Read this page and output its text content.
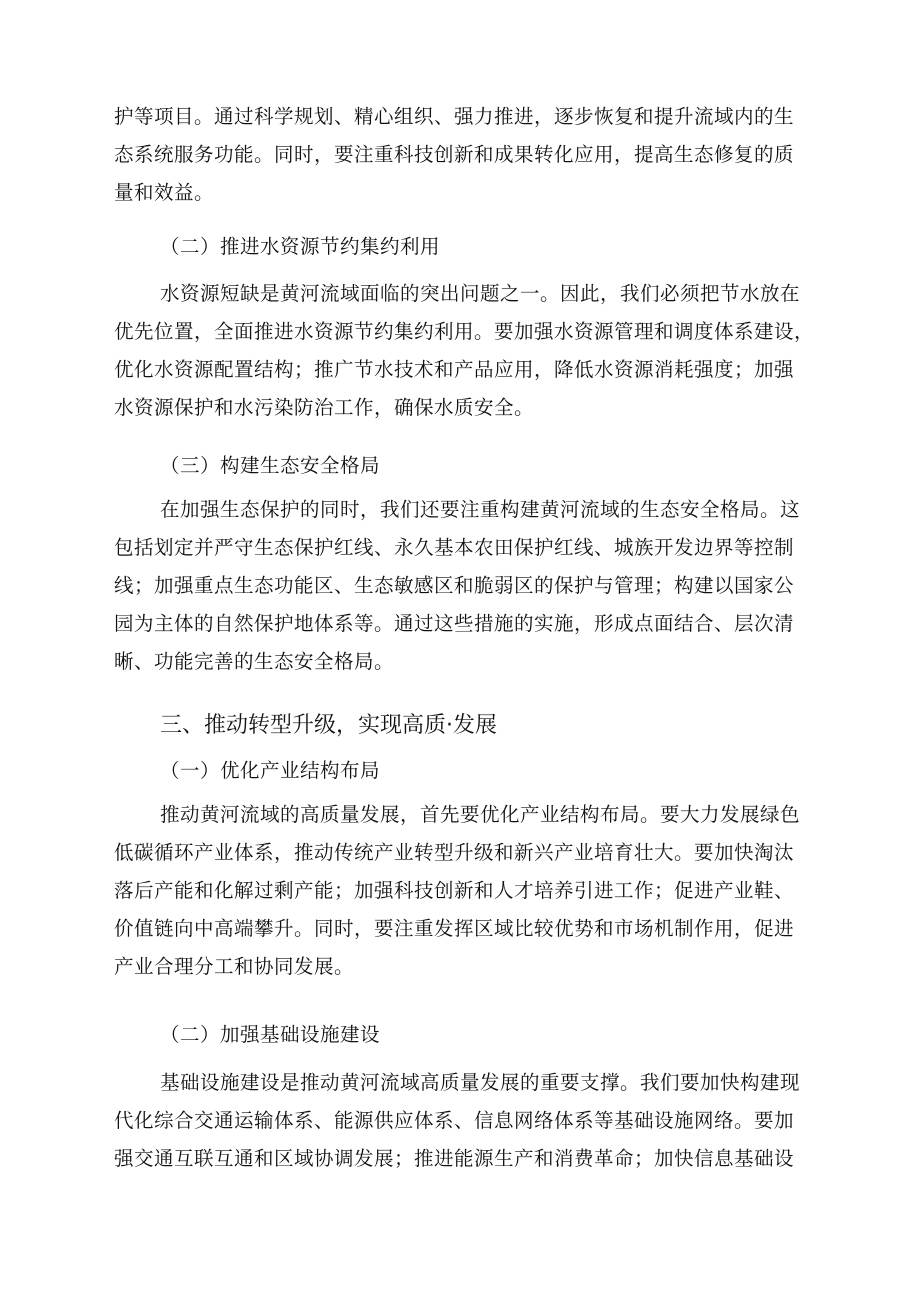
护等项目。通过科学规划、精心组织、强力推进，逐步恢复和提升流域内的生
态系统服务功能。同时，要注重科技创新和成果转化应用，提高生态修复的质
量和效益。

（二）推进水资源节约集约利用

水资源短缺是黄河流域面临的突出问题之一。因此，我们必须把节水放在
优先位置，全面推进水资源节约集约利用。要加强水资源管理和调度体系建设，
优化水资源配置结构；推广节水技术和产品应用，降低水资源消耗强度；加强
水资源保护和水污染防治工作，确保水质安全。

（三）构建生态安全格局

在加强生态保护的同时，我们还要注重构建黄河流域的生态安全格局。这
包括划定并严守生态保护红线、永久基本农田保护红线、城族开发边界等控制
线；加强重点生态功能区、生态敏感区和脆弱区的保护与管理；构建以国家公
园为主体的自然保护地体系等。通过这些措施的实施，形成点面结合、层次清
晰、功能完善的生态安全格局。

三、推动转型升级，实现高质·发展

（一）优化产业结构布局

推动黄河流域的高质量发展，首先要优化产业结构布局。要大力发展绿色
低碳循环产业体系，推动传统产业转型升级和新兴产业培育壮大。要加快淘汰
落后产能和化解过剩产能；加强科技创新和人才培养引进工作；促进产业鞋、
价值链向中高端攀升。同时，要注重发挥区域比较优势和市场机制作用，促进
产业合理分工和协同发展。

（二）加强基础设施建设

基础设施建设是推动黄河流域高质量发展的重要支撑。我们要加快构建现
代化综合交通运输体系、能源供应体系、信息网络体系等基础设施网络。要加
强交通互联互通和区域协调发展；推进能源生产和消费革命；加快信息基础设
